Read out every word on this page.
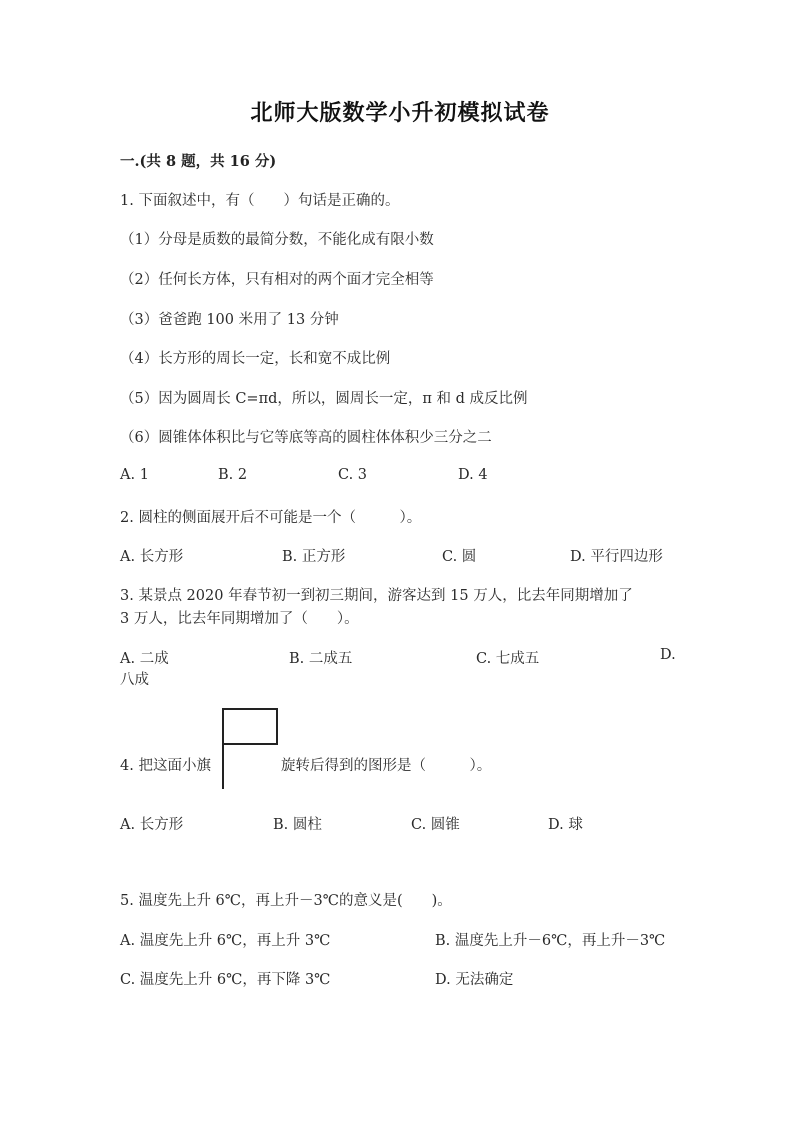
北师大版数学小升初模拟试卷
一.(共 8 题，共 16 分)
1. 下面叙述中，有（　　）句话是正确的。
（1）分母是质数的最简分数，不能化成有限小数
（2）任何长方体，只有相对的两个面才完全相等
（3）爸爸跑 100 米用了 13 分钟
（4）长方形的周长一定，长和宽不成比例
（5）因为圆周长 C=πd，所以，圆周长一定，π 和 d 成反比例
（6）圆锥体体积比与它等底等高的圆柱体体积少三分之二
A. 1	B. 2	C. 3	D. 4
2. 圆柱的侧面展开后不可能是一个（　　　）。
A. 长方形	B. 正方形	C. 圆	D. 平行四边形
3. 某景点 2020 年春节初一到初三期间，游客达到 15 万人，比去年同期增加了
3 万人，比去年同期增加了（　　）。
A. 二成	B. 二成五	C. 七成五	D.
八成
4. 把这面小旗	旋转后得到的图形是（　　　）。
A. 长方形	B. 圆柱	C. 圆锥	D. 球
5. 温度先上升 6℃，再上升－3℃的意义是(　　)。
A. 温度先上升 6℃，再上升 3℃	B. 温度先上升－6℃，再上升－3℃
C. 温度先上升 6℃，再下降 3℃	D. 无法确定
